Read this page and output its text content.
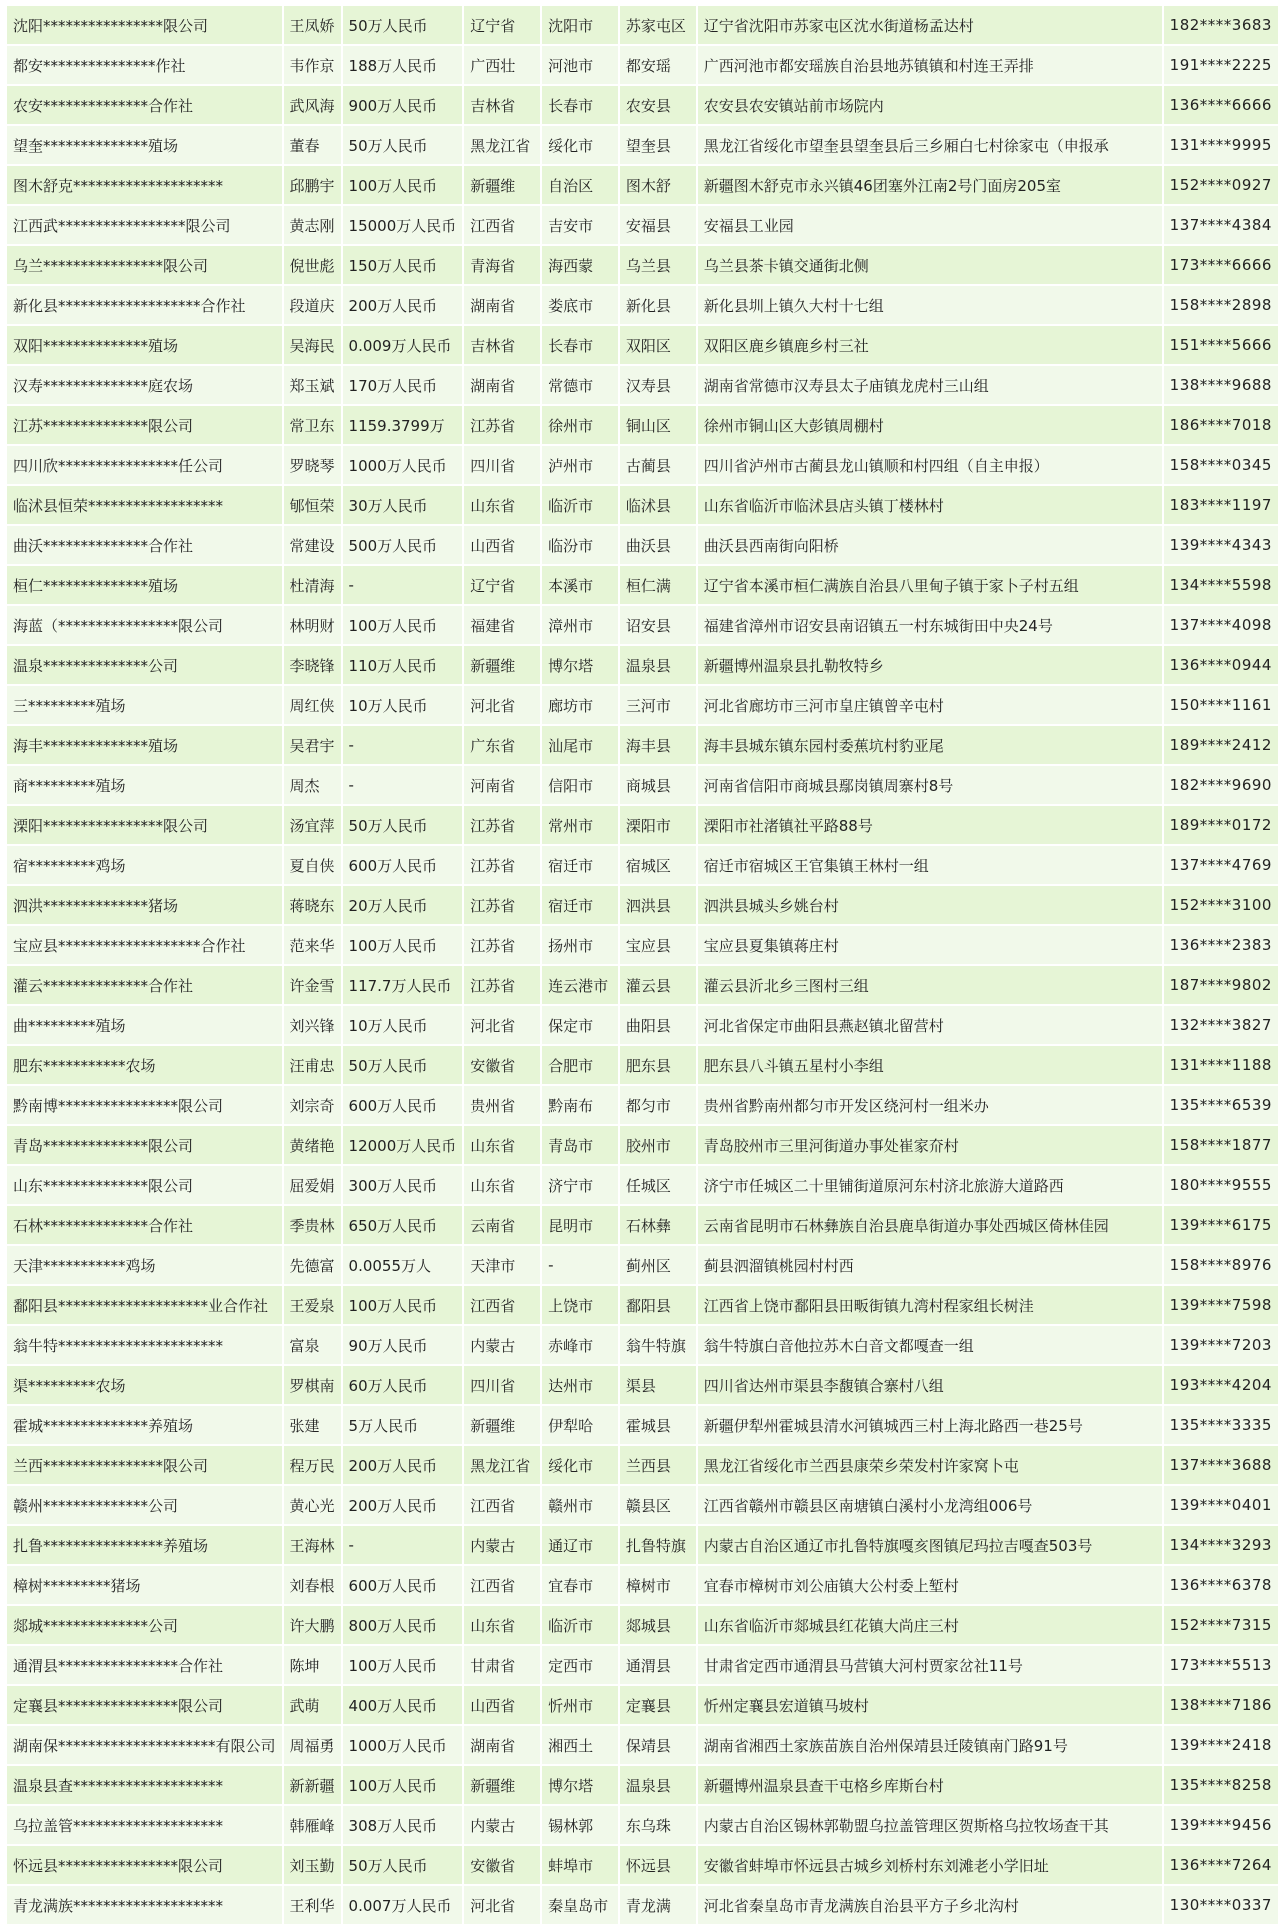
沈阳****************限公司	王凤娇	50万人民币	辽宁省	沈阳市	苏家屯区	辽宁省沈阳市苏家屯区沈水街道杨孟达村	182****3683
都安***************作社	韦作京	188万人民币	广西壮	河池市	都安瑶	广西河池市都安瑶族自治县地苏镇镇和村连王弄排	191****2225
农安**************合作社	武风海	900万人民币	吉林省	长春市	农安县	农安县农安镇站前市场院内	136****6666
望奎**************殖场	董春	50万人民币	黑龙江省	绥化市	望奎县	黑龙江省绥化市望奎县望奎县后三乡厢白七村徐家屯（申报承	131****9995
图木舒克********************	邱鹏宇	100万人民币	新疆维	自治区	图木舒	新疆图木舒克市永兴镇46团塞外江南2号门面房205室	152****0927
江西武*****************限公司	黄志刚	15000万人民币	江西省	吉安市	安福县	安福县工业园	137****4384
乌兰****************限公司	倪世彪	150万人民币	青海省	海西蒙	乌兰县	乌兰县茶卡镇交通街北侧	173****6666
新化县*******************合作社	段道庆	200万人民币	湖南省	娄底市	新化县	新化县圳上镇久大村十七组	158****2898
双阳**************殖场	吴海民	0.009万人民币	吉林省	长春市	双阳区	双阳区鹿乡镇鹿乡村三社	151****5666
汉寿**************庭农场	郑玉斌	170万人民币	湖南省	常德市	汉寿县	湖南省常德市汉寿县太子庙镇龙虎村三山组	138****9688
江苏**************限公司	常卫东	1159.3799万	江苏省	徐州市	铜山区	徐州市铜山区大彭镇周棚村	186****7018
四川欣****************任公司	罗晓琴	1000万人民币	四川省	泸州市	古蔺县	四川省泸州市古蔺县龙山镇顺和村四组（自主申报）	158****0345
临沭县恒荣******************	郇恒荣	30万人民币	山东省	临沂市	临沭县	山东省临沂市临沭县店头镇丁楼林村	183****1197
曲沃**************合作社	常建设	500万人民币	山西省	临汾市	曲沃县	曲沃县西南街向阳桥	139****4343
桓仁**************殖场	杜清海	-	辽宁省	本溪市	桓仁满	辽宁省本溪市桓仁满族自治县八里甸子镇于家卜子村五组	134****5598
海蓝（****************限公司	林明财	100万人民币	福建省	漳州市	诏安县	福建省漳州市诏安县南诏镇五一村东城街田中央24号	137****4098
温泉**************公司	李晓锋	110万人民币	新疆维	博尔塔	温泉县	新疆博州温泉县扎勒牧特乡	136****0944
三*********殖场	周红侠	10万人民币	河北省	廊坊市	三河市	河北省廊坊市三河市皇庄镇曾辛屯村	150****1161
海丰**************殖场	吴君宇	-	广东省	汕尾市	海丰县	海丰县城东镇东园村委蕉坑村豹亚尾	189****2412
商*********殖场	周杰	-	河南省	信阳市	商城县	河南省信阳市商城县鄢岗镇周寨村8号	182****9690
溧阳****************限公司	汤宜萍	50万人民币	江苏省	常州市	溧阳市	溧阳市社渚镇社平路88号	189****0172
宿*********鸡场	夏自侠	600万人民币	江苏省	宿迁市	宿城区	宿迁市宿城区王官集镇王林村一组	137****4769
泗洪**************猪场	蒋晓东	20万人民币	江苏省	宿迁市	泗洪县	泗洪县城头乡姚台村	152****3100
宝应县*******************合作社	范来华	100万人民币	江苏省	扬州市	宝应县	宝应县夏集镇蒋庄村	136****2383
灌云**************合作社	许金雪	117.7万人民币	江苏省	连云港市	灌云县	灌云县沂北乡三图村三组	187****9802
曲*********殖场	刘兴锋	10万人民币	河北省	保定市	曲阳县	河北省保定市曲阳县燕赵镇北留营村	132****3827
肥东***********农场	汪甫忠	50万人民币	安徽省	合肥市	肥东县	肥东县八斗镇五星村小李组	131****1188
黔南博****************限公司	刘宗奇	600万人民币	贵州省	黔南布	都匀市	贵州省黔南州都匀市开发区绕河村一组米办	135****6539
青岛**************限公司	黄绪艳	12000万人民币	山东省	青岛市	胶州市	青岛胶州市三里河街道办事处崔家夼村	158****1877
山东**************限公司	屈爱娟	300万人民币	山东省	济宁市	任城区	济宁市任城区二十里铺街道原河东村济北旅游大道路西	180****9555
石林**************合作社	季贵林	650万人民币	云南省	昆明市	石林彝	云南省昆明市石林彝族自治县鹿阜街道办事处西城区倚林佳园	139****6175
天津***********鸡场	先德富	0.0055万人	天津市	-	蓟州区	蓟县泗溜镇桃园村村西	158****8976
鄱阳县********************业合作社	王爱泉	100万人民币	江西省	上饶市	鄱阳县	江西省上饶市鄱阳县田畈街镇九湾村程家组长树洼	139****7598
翁牛特**********************	富泉	90万人民币	内蒙古	赤峰市	翁牛特旗	翁牛特旗白音他拉苏木白音文都嘎查一组	139****7203
渠*********农场	罗棋南	60万人民币	四川省	达州市	渠县	四川省达州市渠县李馥镇合寨村八组	193****4204
霍城**************养殖场	张建	5万人民币	新疆维	伊犁哈	霍城县	新疆伊犁州霍城县清水河镇城西三村上海北路西一巷25号	135****3335
兰西****************限公司	程万民	200万人民币	黑龙江省	绥化市	兰西县	黑龙江省绥化市兰西县康荣乡荣发村许家窝卜屯	137****3688
赣州**************公司	黄心光	200万人民币	江西省	赣州市	赣县区	江西省赣州市赣县区南塘镇白溪村小龙湾组006号	139****0401
扎鲁****************养殖场	王海林	-	内蒙古	通辽市	扎鲁特旗	内蒙古自治区通辽市扎鲁特旗嘎亥图镇尼玛拉吉嘎查503号	134****3293
樟树*********猪场	刘春根	600万人民币	江西省	宜春市	樟树市	宜春市樟树市刘公庙镇大公村委上堑村	136****6378
郯城**************公司	许大鹏	800万人民币	山东省	临沂市	郯城县	山东省临沂市郯城县红花镇大尚庄三村	152****7315
通渭县****************合作社	陈坤	100万人民币	甘肃省	定西市	通渭县	甘肃省定西市通渭县马营镇大河村贾家岔社11号	173****5513
定襄县****************限公司	武萌	400万人民币	山西省	忻州市	定襄县	忻州定襄县宏道镇马坡村	138****7186
湖南保*********************有限公司	周福勇	1000万人民币	湖南省	湘西土	保靖县	湖南省湘西土家族苗族自治州保靖县迁陵镇南门路91号	139****2418
温泉县查********************	新新疆	100万人民币	新疆维	博尔塔	温泉县	新疆博州温泉县查干屯格乡库斯台村	135****8258
乌拉盖管********************	韩雁峰	308万人民币	内蒙古	锡林郭	东乌珠	内蒙古自治区锡林郭勒盟乌拉盖管理区贺斯格乌拉牧场查干其	139****9456
怀远县****************限公司	刘玉勤	50万人民币	安徽省	蚌埠市	怀远县	安徽省蚌埠市怀远县古城乡刘桥村东刘滩老小学旧址	136****7264
青龙满族********************	王利华	0.007万人民币	河北省	秦皇岛市	青龙满	河北省秦皇岛市青龙满族自治县平方子乡北沟村	130****0337
